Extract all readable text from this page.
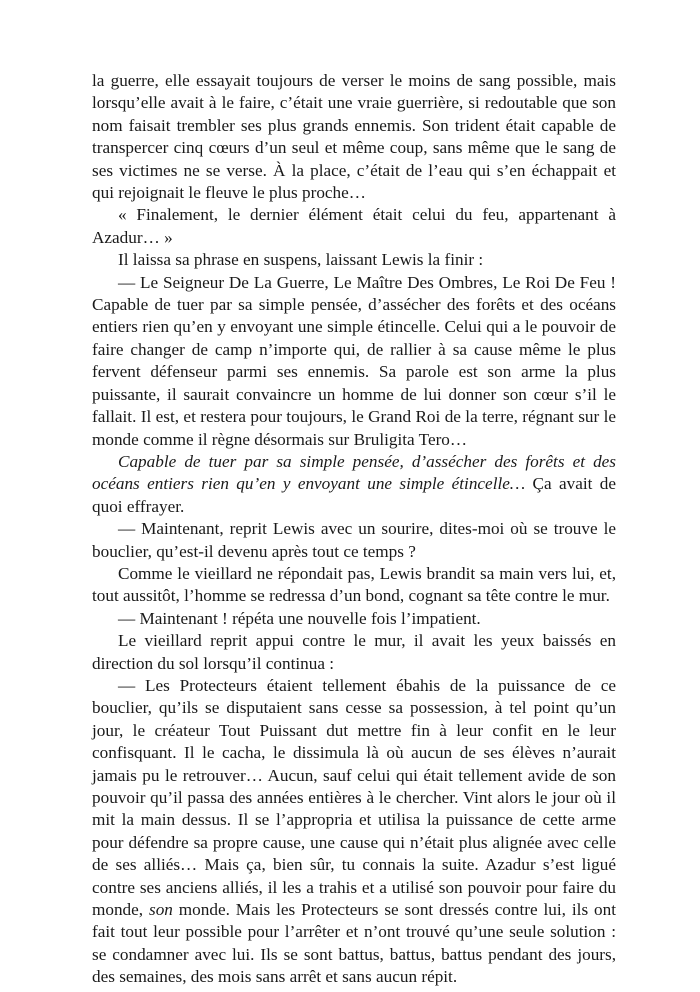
la guerre, elle essayait toujours de verser le moins de sang possible, mais lorsqu’elle avait à le faire, c’était une vraie guerrière, si redoutable que son nom faisait trembler ses plus grands ennemis. Son trident était capable de transpercer cinq cœurs d’un seul et même coup, sans même que le sang de ses victimes ne se verse. À la place, c’était de l’eau qui s’en échappait et qui rejoignait le fleuve le plus proche…

« Finalement, le dernier élément était celui du feu, appartenant à Azadur… »

Il laissa sa phrase en suspens, laissant Lewis la finir :

— Le Seigneur De La Guerre, Le Maître Des Ombres, Le Roi De Feu ! Capable de tuer par sa simple pensée, d’assécher des forêts et des océans entiers rien qu’en y envoyant une simple étincelle. Celui qui a le pouvoir de faire changer de camp n’importe qui, de rallier à sa cause même le plus fervent défenseur parmi ses ennemis. Sa parole est son arme la plus puissante, il saurait convaincre un homme de lui donner son cœur s’il le fallait. Il est, et restera pour toujours, le Grand Roi de la terre, régnant sur le monde comme il règne désormais sur Bruligita Tero…

Capable de tuer par sa simple pensée, d’assécher des forêts et des océans entiers rien qu’en y envoyant une simple étincelle… Ça avait de quoi effrayer.

— Maintenant, reprit Lewis avec un sourire, dites-moi où se trouve le bouclier, qu’est-il devenu après tout ce temps ?

Comme le vieillard ne répondait pas, Lewis brandit sa main vers lui, et, tout aussitôt, l’homme se redressa d’un bond, cognant sa tête contre le mur.

— Maintenant ! répéta une nouvelle fois l’impatient.

Le vieillard reprit appui contre le mur, il avait les yeux baissés en direction du sol lorsqu’il continua :

— Les Protecteurs étaient tellement ébahis de la puissance de ce bouclier, qu’ils se disputaient sans cesse sa possession, à tel point qu’un jour, le créateur Tout Puissant dut mettre fin à leur confit en le leur confisquant. Il le cacha, le dissimula là où aucun de ses élèves n’aurait jamais pu le retrouver… Aucun, sauf celui qui était tellement avide de son pouvoir qu’il passa des années entières à le chercher. Vint alors le jour où il mit la main dessus. Il se l’appropria et utilisa la puissance de cette arme pour défendre sa propre cause, une cause qui n’était plus alignée avec celle de ses alliés… Mais ça, bien sûr, tu connais la suite. Azadur s’est ligué contre ses anciens alliés, il les a trahis et a utilisé son pouvoir pour faire du monde, son monde. Mais les Protecteurs se sont dressés contre lui, ils ont fait tout leur possible pour l’arrêter et n’ont trouvé qu’une seule solution : se condamner avec lui. Ils se sont battus, battus, battus pendant des jours, des semaines, des mois sans arrêt et sans aucun répit.
